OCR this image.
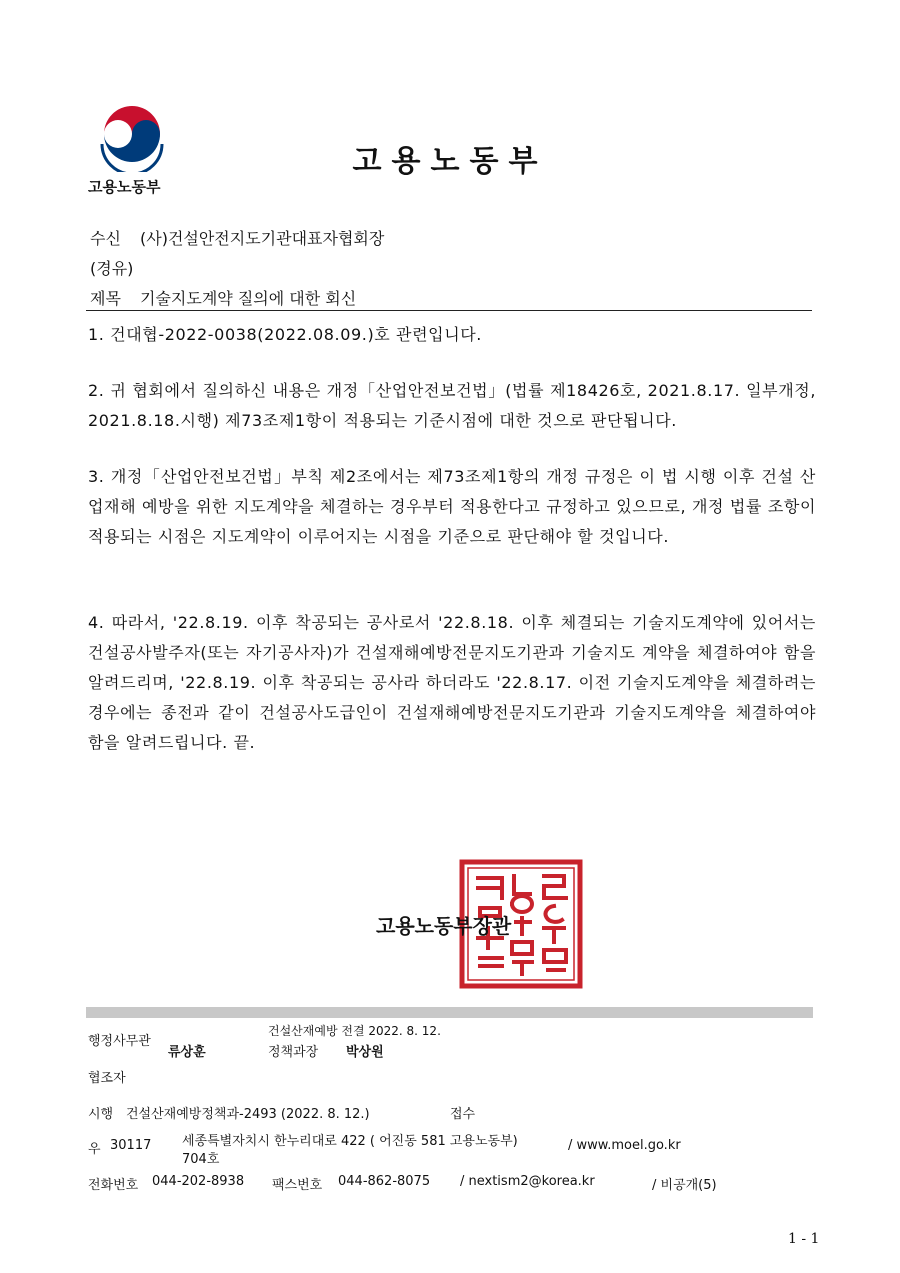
고용노동부
고용노동부
수신 (사)건설안전지도기관대표자협회장
(경유)
제목 기술지도계약 질의에 대한 회신
1. 건대협-2022-0038(2022.08.09.)호 관련입니다.
2. 귀 협회에서 질의하신 내용은 개정「산업안전보건법」(법률 제18426호, 2021.8.17. 일부개정, 2021.8.18.시행) 제73조제1항이 적용되는 기준시점에 대한 것으로 판단됩니다.
3. 개정「산업안전보건법」부칙 제2조에서는 제73조제1항의 개정 규정은 이 법 시행 이후 건설 산업재해 예방을 위한 지도계약을 체결하는 경우부터 적용한다고 규정하고 있으므로, 개정 법률 조항이 적용되는 시점은 지도계약이 이루어지는 시점을 기준으로 판단해야 할 것입니다.
4. 따라서, '22.8.19. 이후 착공되는 공사로서 '22.8.18. 이후 체결되는 기술지도계약에 있어서는 건설공사발주자(또는 자기공사자)가 건설재해예방전문지도기관과 기술지도 계약을 체결하여야 함을 알려드리며, '22.8.19. 이후 착공되는 공사라 하더라도 '22.8.17. 이전 기술지도계약을 체결하려는 경우에는 종전과 같이 건설공사도급인이 건설재해예방전문지도기관과 기술지도계약을 체결하여야 함을 알려드립니다. 끝.
고용노동부장관
행정사무관
류상훈
건설산재예방 전결 2022. 8. 12.
정책과장 박상원
협조자
시행 건설산재예방정책과-2493 (2022. 8. 12.)	접수
우 30117 세종특별자치시 한누리대로 422 ( 어진동 581 고용노동부)
704호
/ www.moel.go.kr
전화번호 044-202-8938 팩스번호 044-862-8075 / nextism2@korea.kr	/ 비공개(5)
1 - 1
